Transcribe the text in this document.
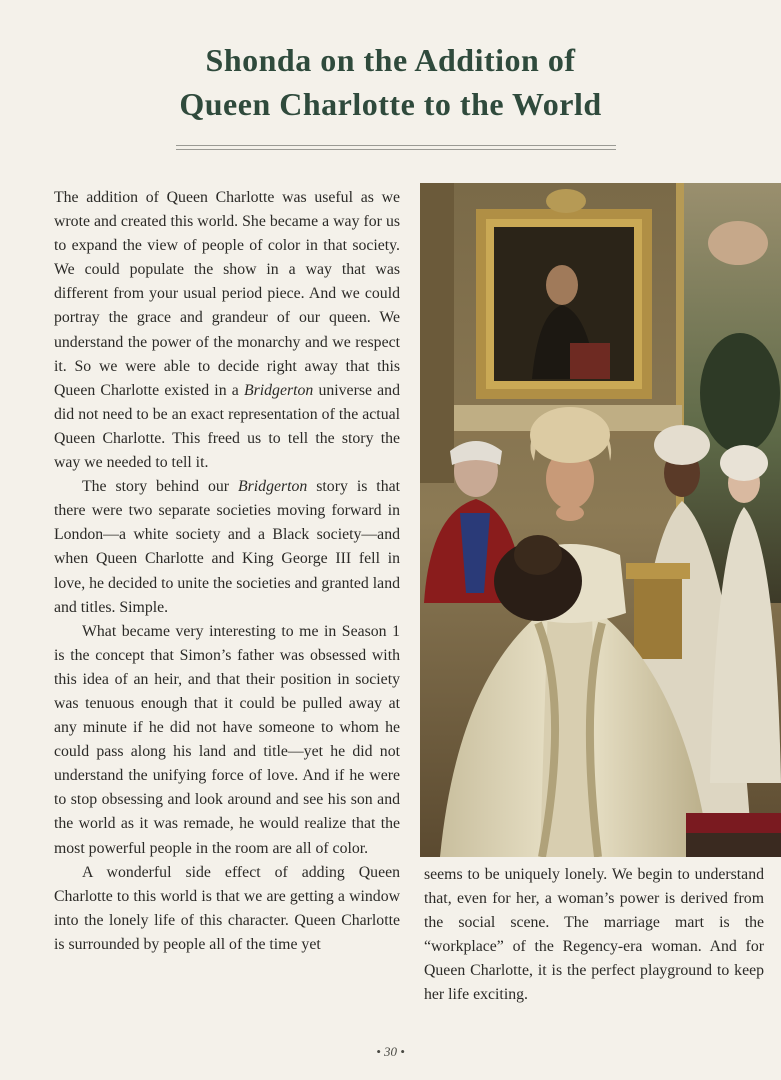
Shonda on the Addition of
Queen Charlotte to the World

The addition of Queen Charlotte was useful as we wrote and created this world. She became a way for us to expand the view of people of color in that society. We could populate the show in a way that was different from your usual period piece. And we could portray the grace and grandeur of our queen. We understand the power of the monarchy and we respect it. So we were able to decide right away that this Queen Charlotte existed in a Bridgerton universe and did not need to be an exact representation of the actual Queen Charlotte. This freed us to tell the story the way we needed to tell it.

The story behind our Bridgerton story is that there were two separate societies moving forward in London—a white society and a Black society—and when Queen Charlotte and King George III fell in love, he decided to unite the societies and granted land and titles. Simple.

What became very interesting to me in Season 1 is the concept that Simon’s father was obsessed with this idea of an heir, and that their position in society was tenuous enough that it could be pulled away at any minute if he did not have someone to whom he could pass along his land and title—yet he did not understand the unifying force of love. And if he were to stop obsessing and look around and see his son and the world as it was remade, he would realize that the most powerful people in the room are all of color.

A wonderful side effect of adding Queen Charlotte to this world is that we are getting a window into the lonely life of this character. Queen Charlotte is surrounded by people all of the time yet

seems to be uniquely lonely. We begin to understand that, even for her, a woman’s power is derived from the social scene. The marriage mart is the “workplace” of the Regency-era woman. And for Queen Charlotte, it is the perfect playground to keep her life exciting.

• 30 •
